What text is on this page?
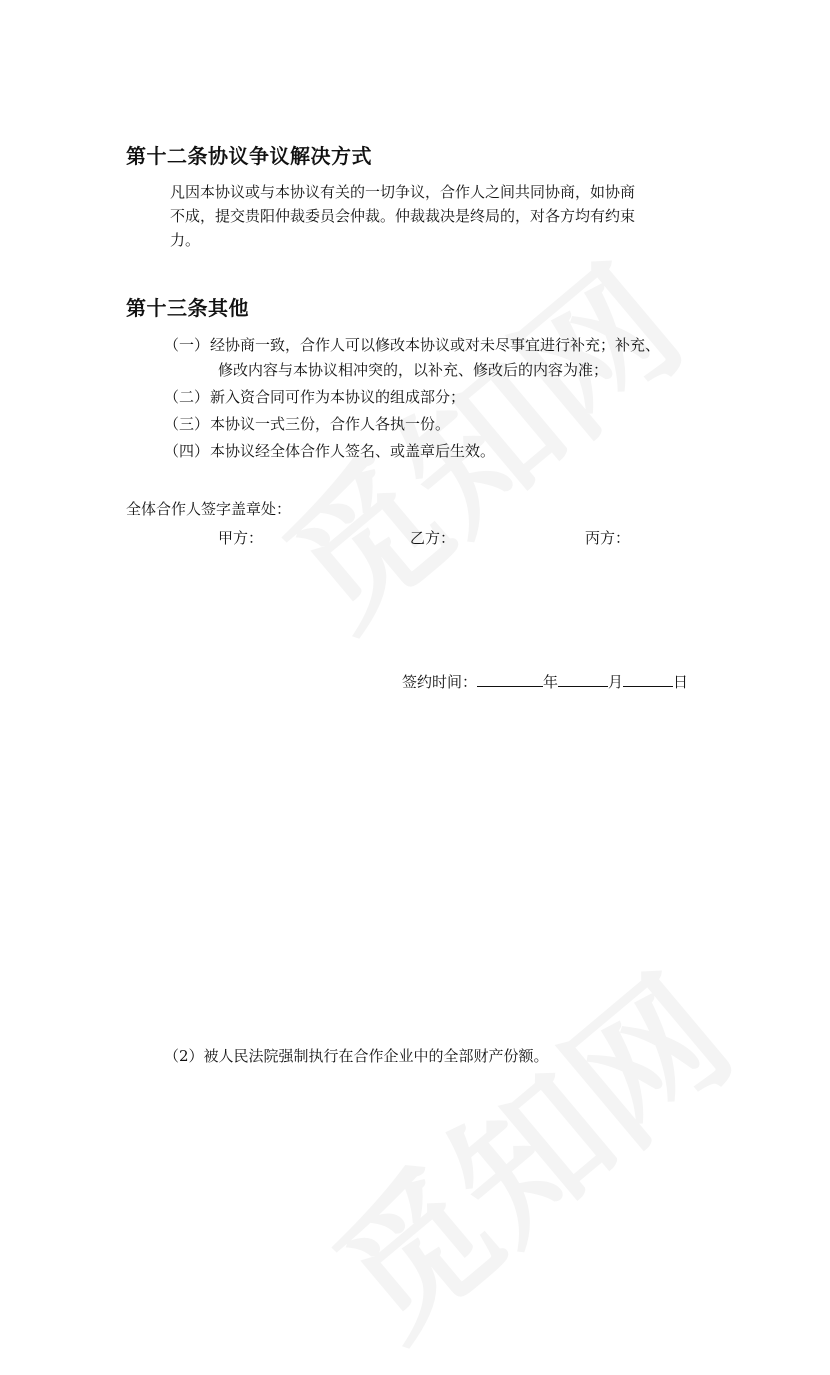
第十二条协议争议解决方式
凡因本协议或与本协议有关的一切争议，合作人之间共同协商，如协商
不成，提交贵阳仲裁委员会仲裁。仲裁裁决是终局的，对各方均有约束
力。
第十三条其他
（一） 经协商一致，合作人可以修改本协议或对未尽事宜进行补充；补充、
修改内容与本协议相冲突的，以补充、修改后的内容为准；
（二） 新入资合同可作为本协议的组成部分；
（三） 本协议一式三份，合作人各执一份。
（四） 本协议经全体合作人签名、或盖章后生效。
全体合作人签字盖章处：
甲方：	乙方：	丙方：
签约时间：	年	月	日
（2）被人民法院强制执行在合作企业中的全部财产份额。
